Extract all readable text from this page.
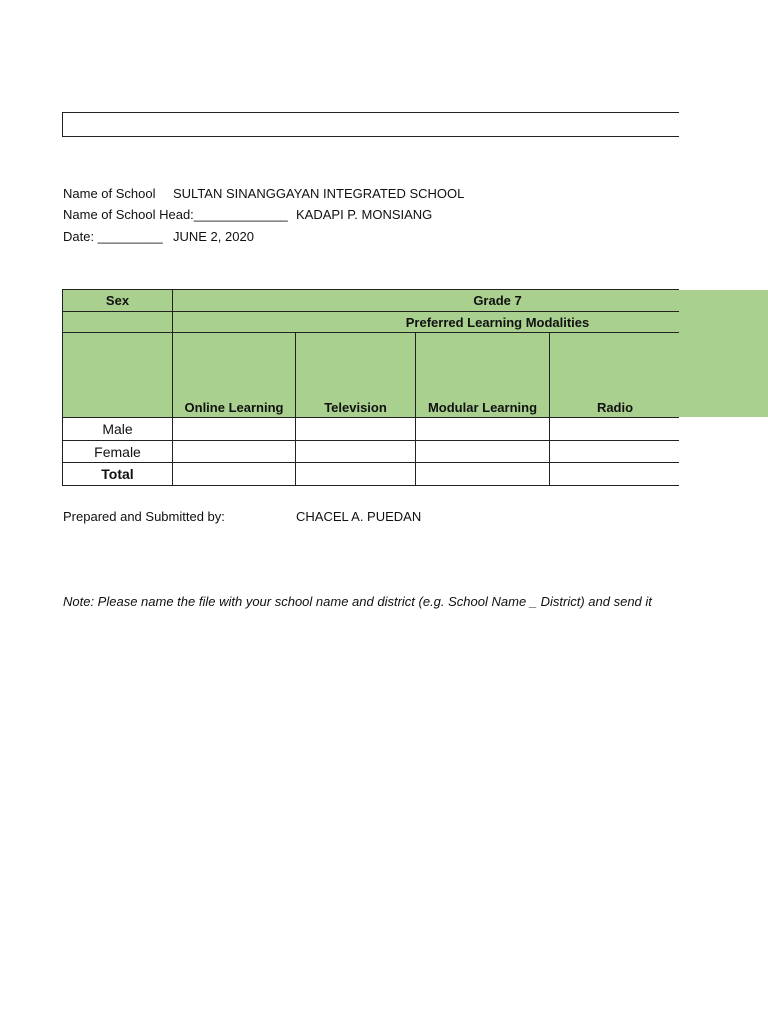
Name of School SULTAN SINANGGAYAN INTEGRATED SCHOOL
Name of School Head:_____________ KADAPI P. MONSIANG
Date: _________ JUNE 2, 2020
Sex	Grade 7				
	Preferred Learning Modalities				
	Online Learning	Television	Modular Learning	Radio	
Male					
Female					
Total					
Prepared and Submitted by:	CHACEL A. PUEDAN
Note: Please name the file with your school name and district (e.g. School Name _ District) and send it
